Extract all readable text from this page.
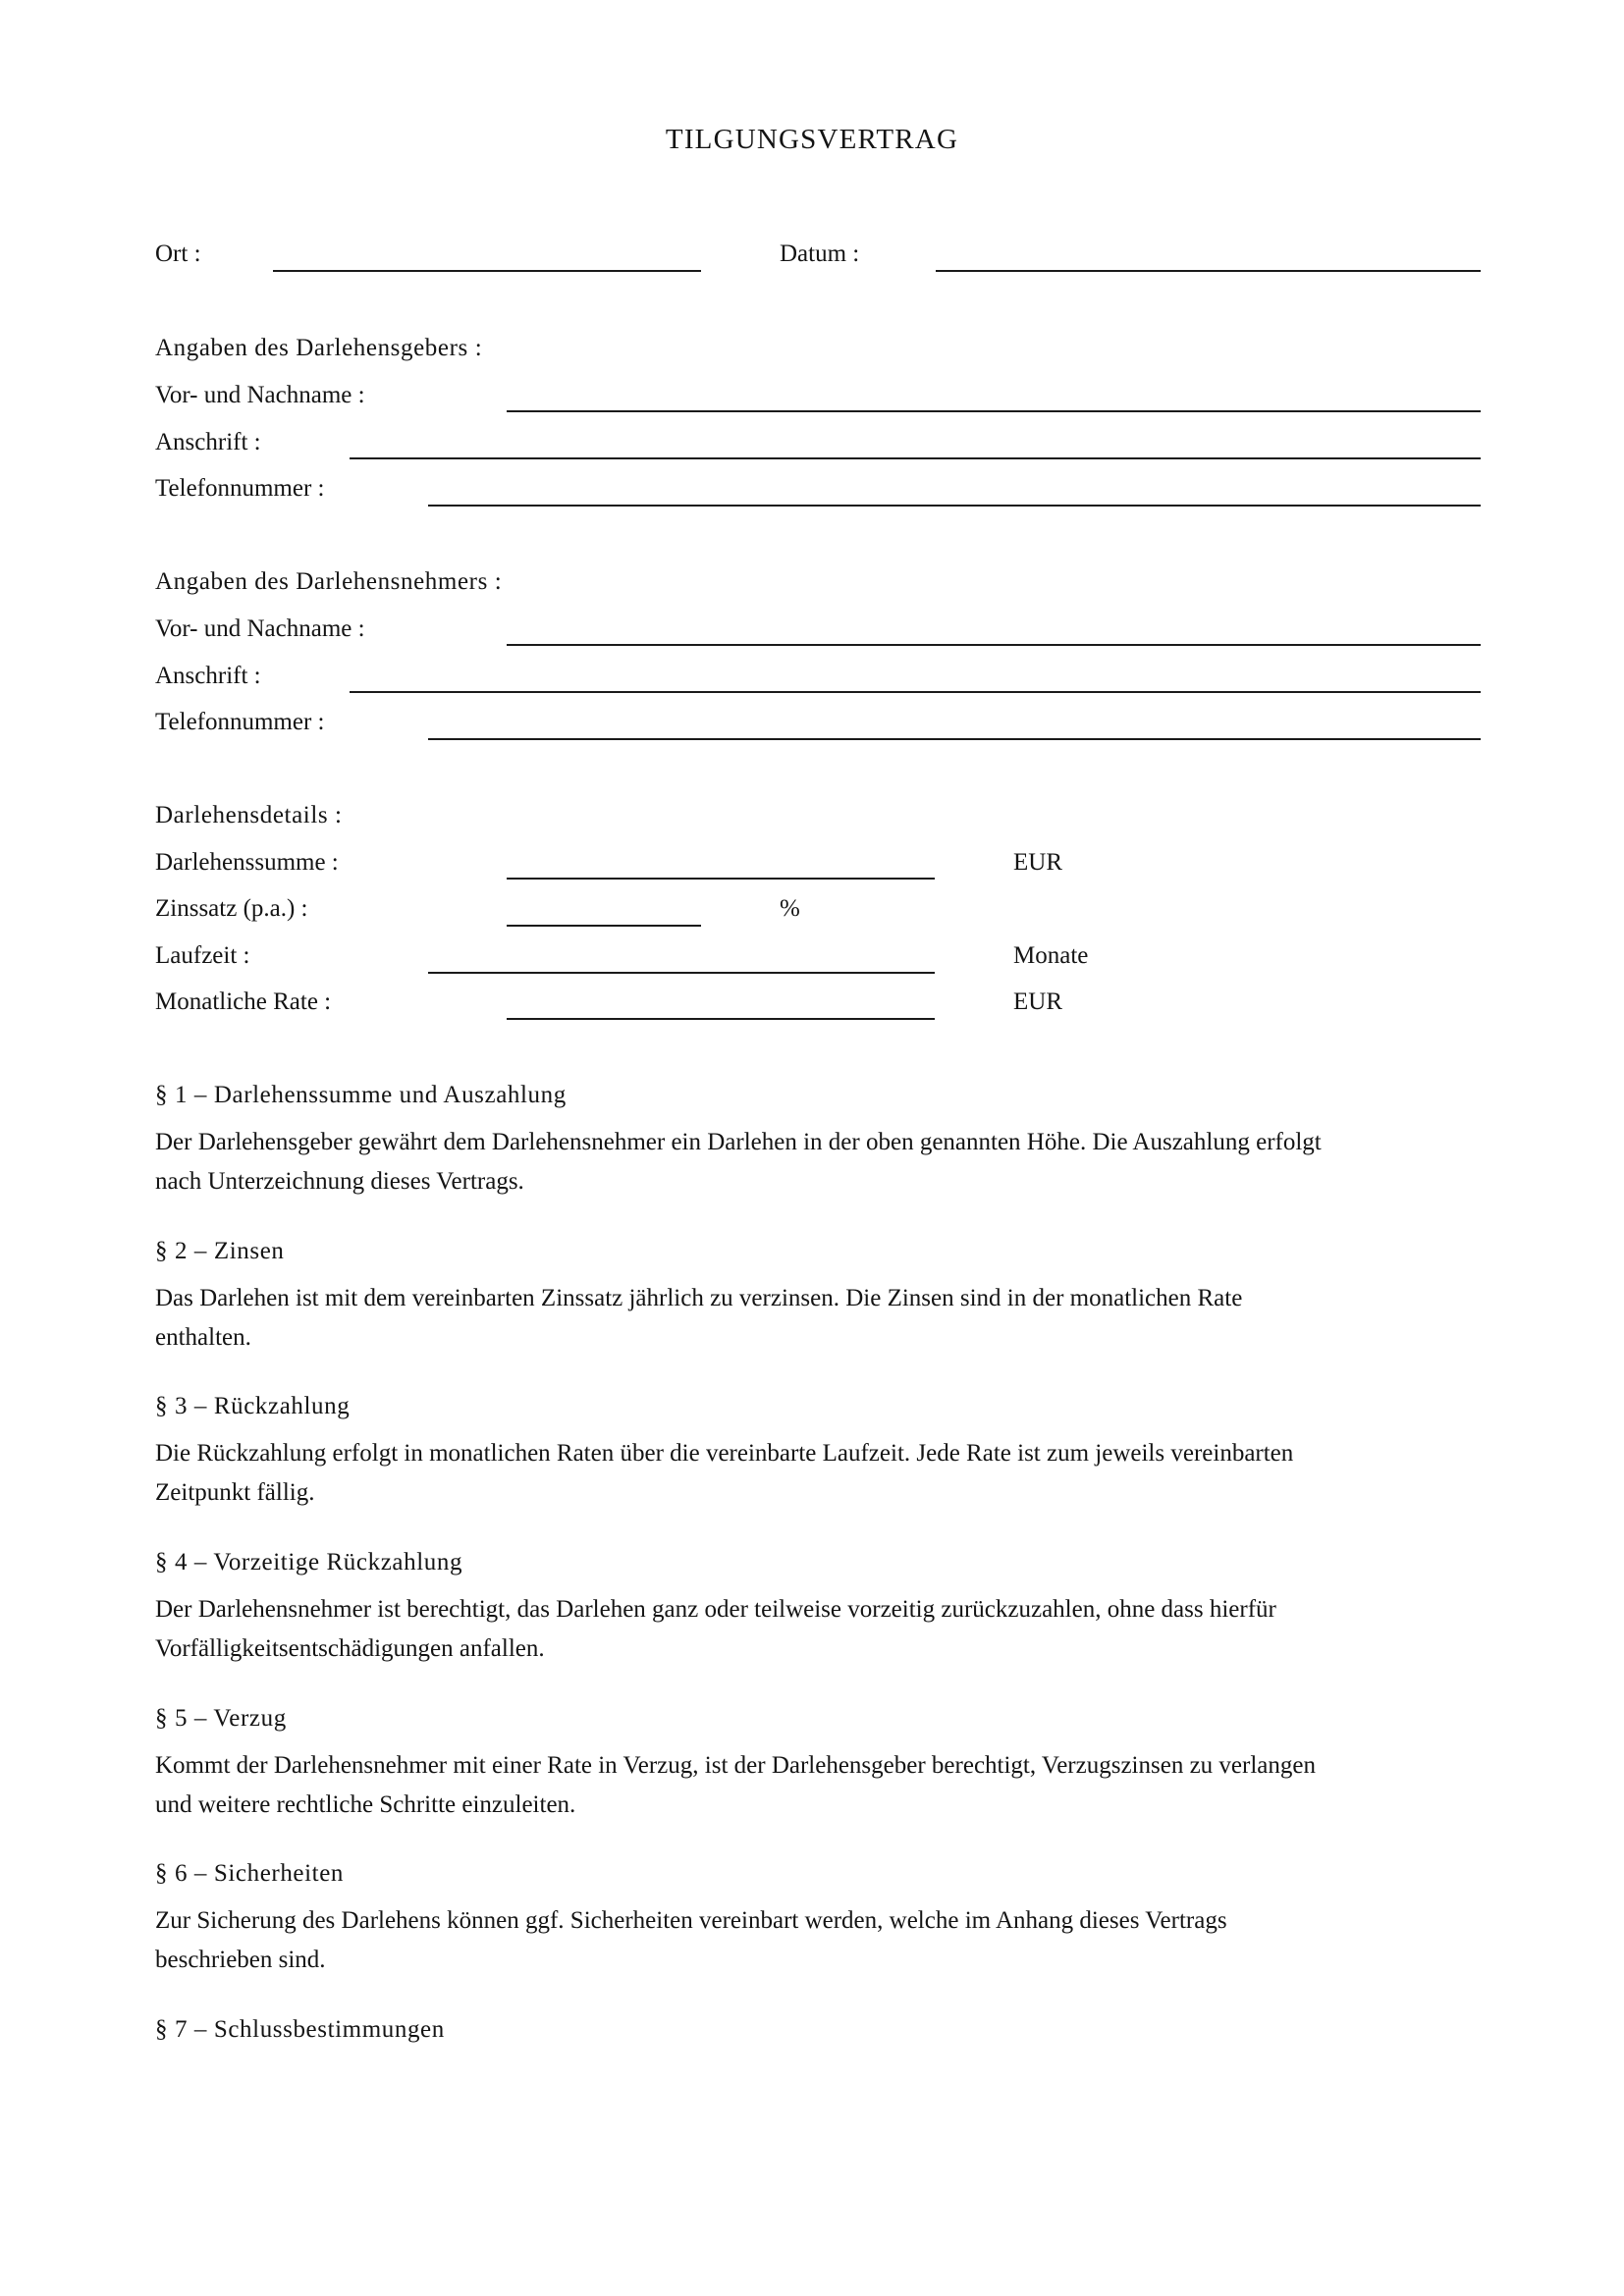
TILGUNGSVERTRAG
Ort :	Datum :
Angaben des Darlehensgebers :
Vor- und Nachname :
Anschrift :
Telefonnummer :
Angaben des Darlehensnehmers :
Vor- und Nachname :
Anschrift :
Telefonnummer :
Darlehensdetails :
Darlehenssumme :	EUR
Zinssatz (p.a.) :	%
Laufzeit :	Monate
Monatliche Rate :	EUR
§ 1 – Darlehenssumme und Auszahlung
Der Darlehensgeber gewährt dem Darlehensnehmer ein Darlehen in der oben genannten Höhe. Die Auszahlung erfolgt
nach Unterzeichnung dieses Vertrags.
§ 2 – Zinsen
Das Darlehen ist mit dem vereinbarten Zinssatz jährlich zu verzinsen. Die Zinsen sind in der monatlichen Rate
enthalten.
§ 3 – Rückzahlung
Die Rückzahlung erfolgt in monatlichen Raten über die vereinbarte Laufzeit. Jede Rate ist zum jeweils vereinbarten
Zeitpunkt fällig.
§ 4 – Vorzeitige Rückzahlung
Der Darlehensnehmer ist berechtigt, das Darlehen ganz oder teilweise vorzeitig zurückzuzahlen, ohne dass hierfür
Vorfälligkeitsentschädigungen anfallen.
§ 5 – Verzug
Kommt der Darlehensnehmer mit einer Rate in Verzug, ist der Darlehensgeber berechtigt, Verzugszinsen zu verlangen
und weitere rechtliche Schritte einzuleiten.
§ 6 – Sicherheiten
Zur Sicherung des Darlehens können ggf. Sicherheiten vereinbart werden, welche im Anhang dieses Vertrags
beschrieben sind.
§ 7 – Schlussbestimmungen
